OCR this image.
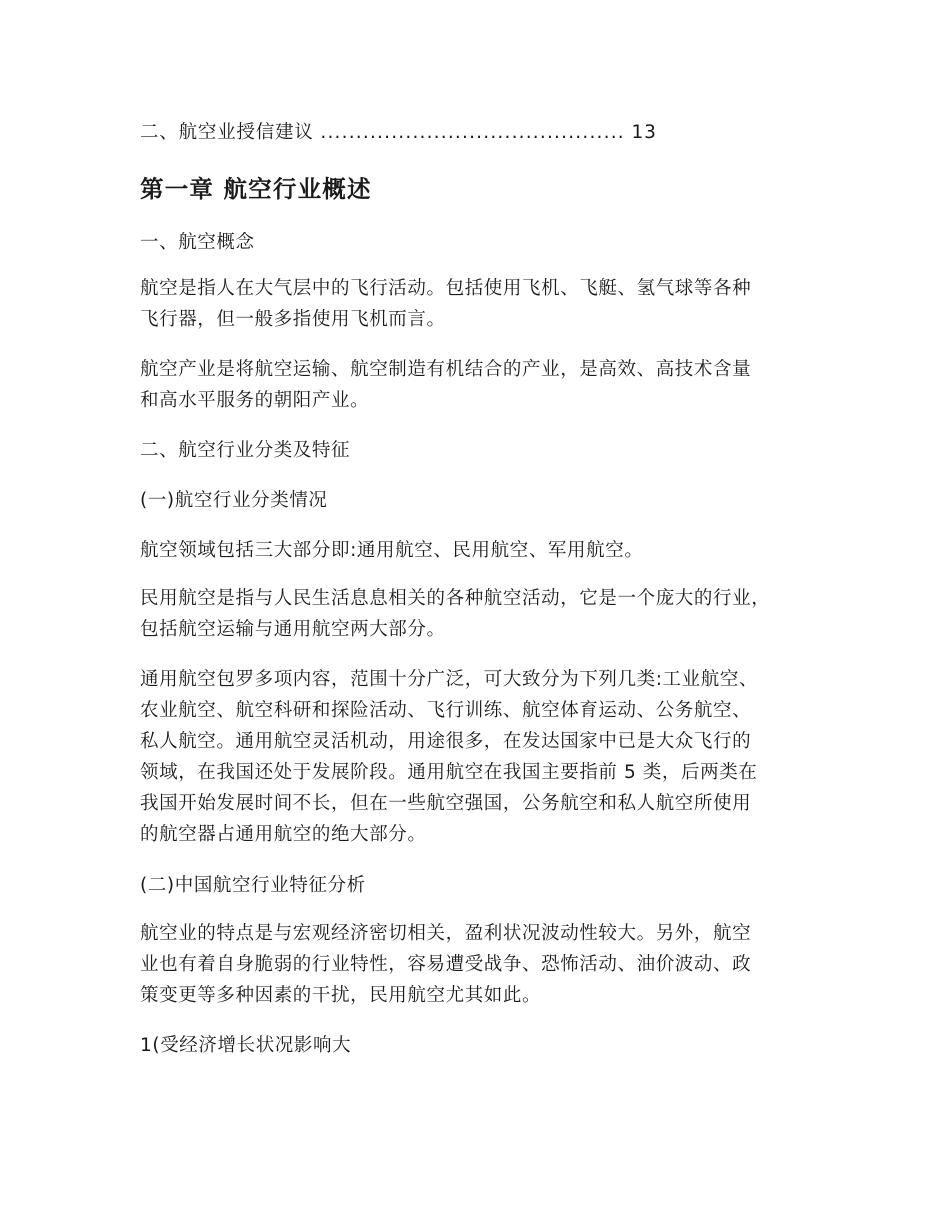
二、航空业授信建议 ........................................... 13

第一章 航空行业概述

一、航空概念

航空是指人在大气层中的飞行活动。包括使用飞机、飞艇、氢气球等各种
飞行器，但一般多指使用飞机而言。
航空产业是将航空运输、航空制造有机结合的产业，是高效、高技术含量
和高水平服务的朝阳产业。

二、航空行业分类及特征

(一)航空行业分类情况

航空领域包括三大部分即:通用航空、民用航空、军用航空。

民用航空是指与人民生活息息相关的各种航空活动，它是一个庞大的行业，
包括航空运输与通用航空两大部分。
通用航空包罗多项内容，范围十分广泛，可大致分为下列几类:工业航空、
农业航空、航空科研和探险活动、飞行训练、航空体育运动、公务航空、
私人航空。通用航空灵活机动，用途很多，在发达国家中已是大众飞行的
领域，在我国还处于发展阶段。通用航空在我国主要指前 5 类，后两类在
我国开始发展时间不长，但在一些航空强国，公务航空和私人航空所使用
的航空器占通用航空的绝大部分。

(二)中国航空行业特征分析

航空业的特点是与宏观经济密切相关，盈利状况波动性较大。另外，航空
业也有着自身脆弱的行业特性，容易遭受战争、恐怖活动、油价波动、政
策变更等多种因素的干扰，民用航空尤其如此。

1(受经济增长状况影响大
